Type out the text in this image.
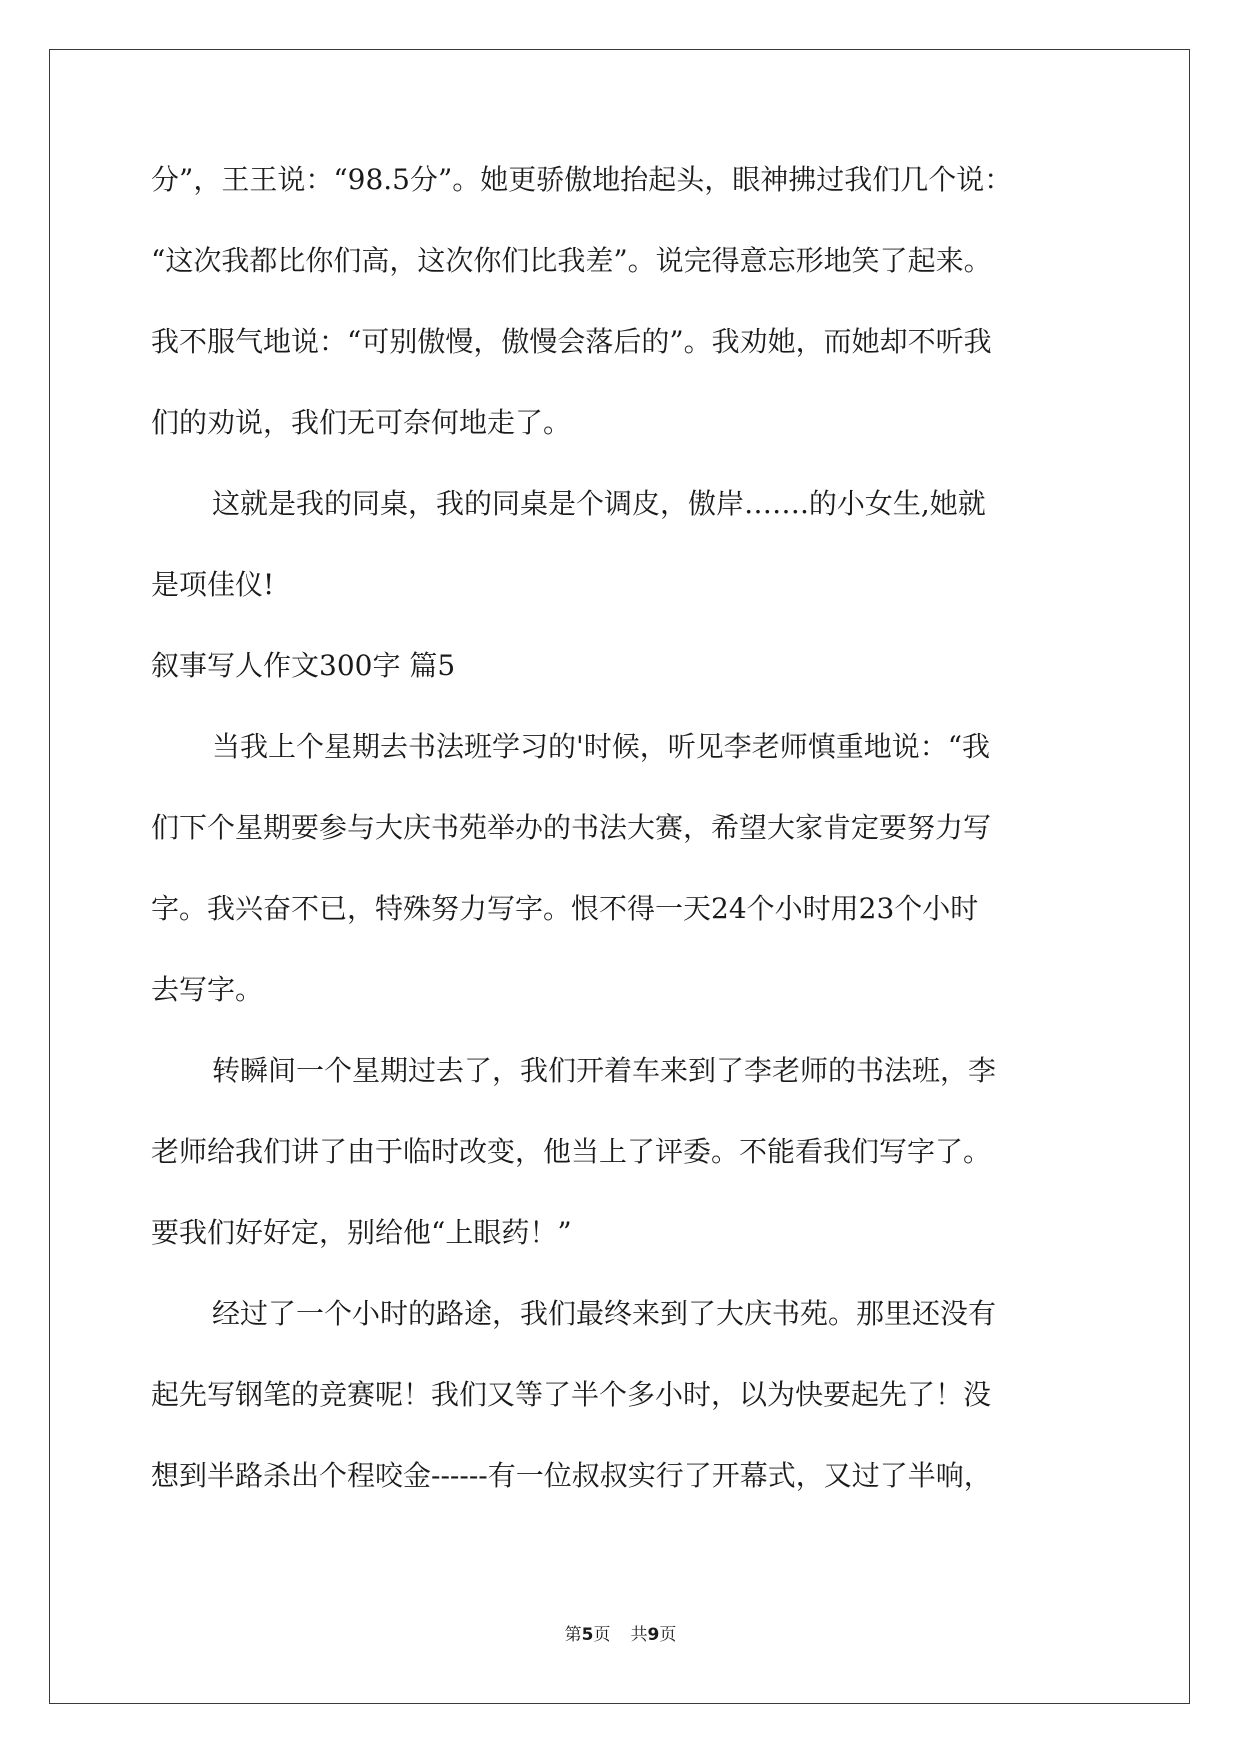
分”，王王说：“98.5分”。她更骄傲地抬起头，眼神拂过我们几个说：
“这次我都比你们高，这次你们比我差”。说完得意忘形地笑了起来。
我不服气地说：“可别傲慢，傲慢会落后的”。我劝她，而她却不听我
们的劝说，我们无可奈何地走了。
这就是我的同桌，我的同桌是个调皮，傲岸…….的小女生,她就
是项佳仪!
叙事写人作文300字 篇5
当我上个星期去书法班学习的'时候，听见李老师慎重地说：“我
们下个星期要参与大庆书苑举办的书法大赛，希望大家肯定要努力写
字。我兴奋不已，特殊努力写字。恨不得一天24个小时用23个小时
去写字。
转瞬间一个星期过去了，我们开着车来到了李老师的书法班，李
老师给我们讲了由于临时改变，他当上了评委。不能看我们写字了。
要我们好好定，别给他“上眼药！”
经过了一个小时的路途，我们最终来到了大庆书苑。那里还没有
起先写钢笔的竞赛呢！我们又等了半个多小时，以为快要起先了！没
想到半路杀出个程咬金------有一位叔叔实行了开幕式，又过了半响，
第5页 共9页
